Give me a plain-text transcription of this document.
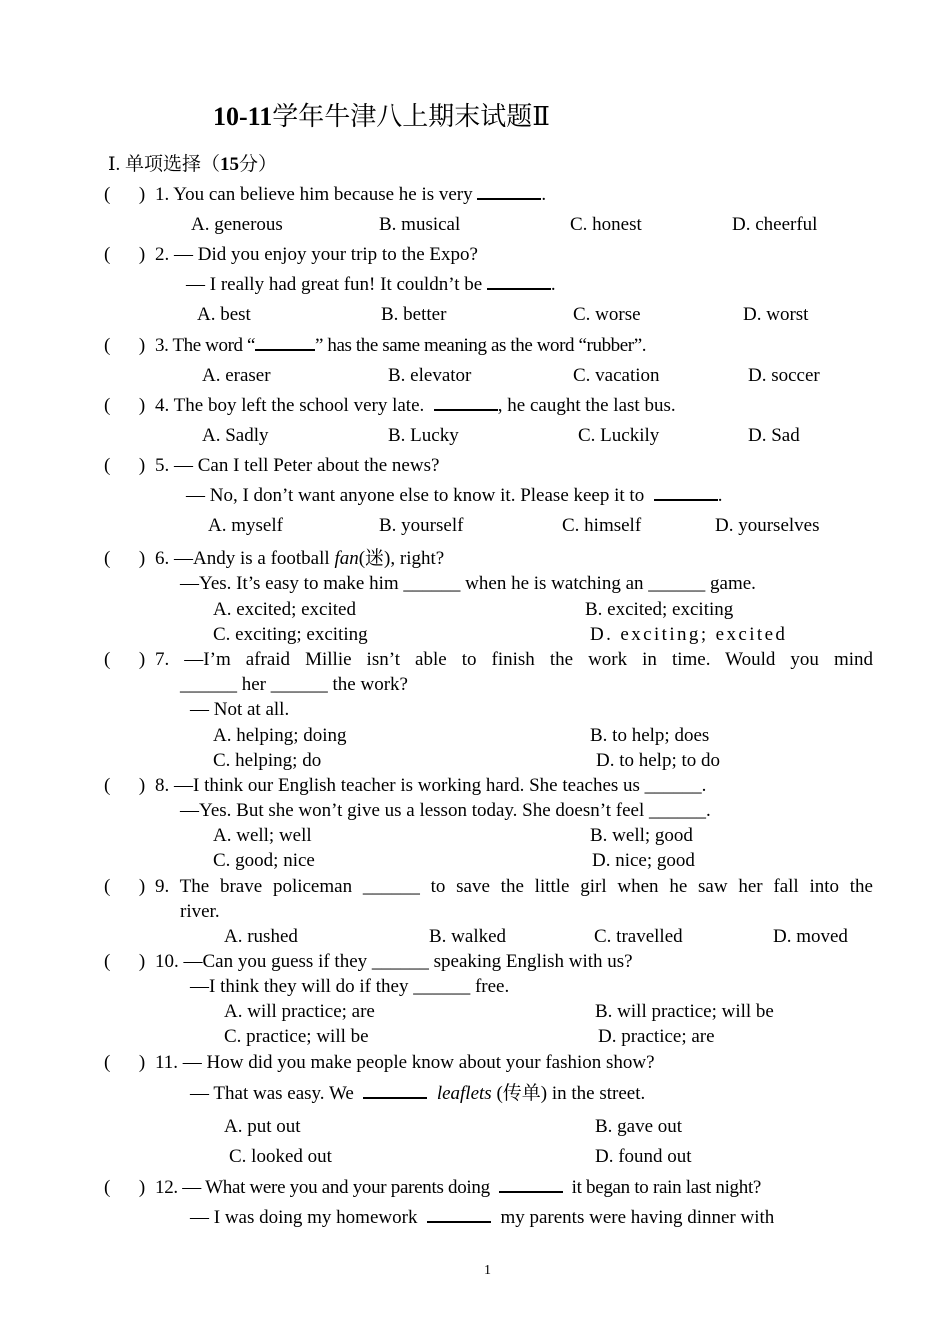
10-11学年牛津八上期末试题Ⅱ
Ⅰ. 单项选择（15分）
(      ) 1. You can believe him because he is very	.
A. generous	B. musical	C. honest	D. cheerful
(      ) 2. — Did you enjoy your trip to the Expo?
— I really had great fun! It couldn’t be	.
A. best	B. better	C. worse	D. worst
(      ) 3. The word “	” has the same meaning as the word “rubber”.
A. eraser	B. elevator	C. vacation	D. soccer
(      ) 4. The boy left the school very late.	, he caught the last bus.
A. Sadly	B. Lucky	C. Luckily	D. Sad
(      ) 5. — Can I tell Peter about the news?
— No, I don’t want anyone else to know it. Please keep it to	.
A. myself	B. yourself	C. himself	D. yourselves
(      ) 6. —Andy is a football fan(迷), right?
—Yes. It’s easy to make him ______ when he is watching an ______ game.
A. excited; excited	B. excited; exciting
C. exciting; exciting	D. exciting; excited
(      ) 7. —I’m afraid Millie isn’t able to finish the work in time. Would you mind
______ her ______ the work?
— Not at all.
A. helping; doing	B. to help; does
C. helping; do	D. to help; to do
(      ) 8. —I think our English teacher is working hard. She teaches us ______.
—Yes. But she won’t give us a lesson today. She doesn’t feel ______.
A. well; well	B. well; good
C. good; nice	D. nice; good
(      ) 9. The brave policeman ______ to save the little girl when he saw her fall into the
river.
A. rushed	B. walked	C. travelled	D. moved
(      ) 10. —Can you guess if they ______ speaking English with us?
—I think they will do if they ______ free.
A. will practice; are	B. will practice; will be
C. practice; will be	D. practice; are
(      ) 11. — How did you make people know about your fashion show?
— That was easy. We	leaflets (传单) in the street.
A. put out	B. gave out
C. looked out	D. found out
(      ) 12. — What were you and your parents doing	it began to rain last night?
— I was doing my homework	my parents were having dinner with
1
